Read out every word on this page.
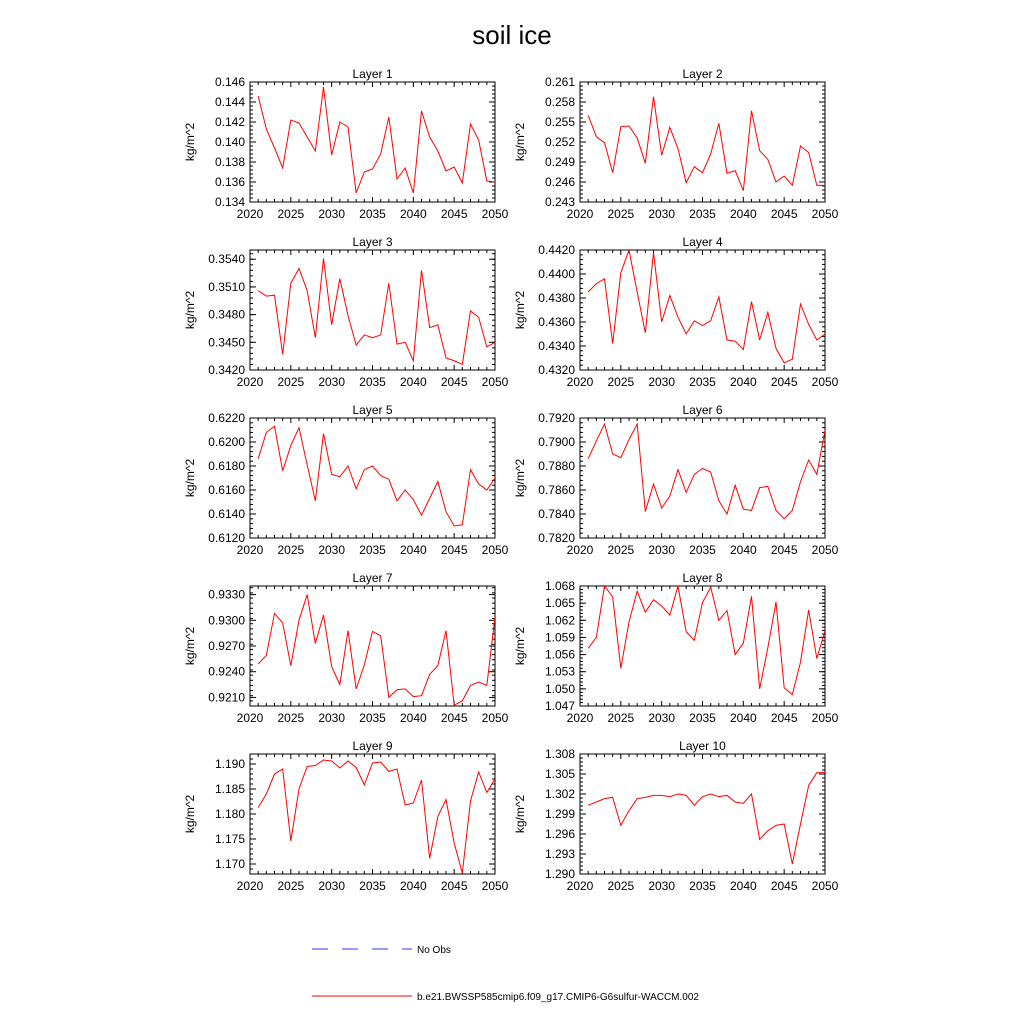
soil ice
Layer 1
kg/m^2
2020 2025 2030 2035 2040 2045 2050
0.134
0.136
0.138
0.140
0.142
0.144
0.146
Layer 2
kg/m^2
2020 2025 2030 2035 2040 2045 2050
0.243
0.246
0.249
0.252
0.255
0.258
0.261
Layer 3
kg/m^2
2020 2025 2030 2035 2040 2045 2050
0.3420
0.3450
0.3480
0.3510
0.3540
Layer 4
kg/m^2
2020 2025 2030 2035 2040 2045 2050
0.4320
0.4340
0.4360
0.4380
0.4400
0.4420
Layer 5
kg/m^2
2020 2025 2030 2035 2040 2045 2050
0.6120
0.6140
0.6160
0.6180
0.6200
0.6220
Layer 6
kg/m^2
2020 2025 2030 2035 2040 2045 2050
0.7820
0.7840
0.7860
0.7880
0.7900
0.7920
Layer 7
kg/m^2
2020 2025 2030 2035 2040 2045 2050
0.9210
0.9240
0.9270
0.9300
0.9330
Layer 8
kg/m^2
2020 2025 2030 2035 2040 2045 2050
1.047
1.050
1.053
1.056
1.059
1.062
1.065
1.068
Layer 9
kg/m^2
2020 2025 2030 2035 2040 2045 2050
1.170
1.175
1.180
1.185
1.190
Layer 10
kg/m^2
2020 2025 2030 2035 2040 2045 2050
1.290
1.293
1.296
1.299
1.302
1.305
1.308
No Obs
b.e21.BWSSP585cmip6.f09_g17.CMIP6-G6sulfur-WACCM.002
